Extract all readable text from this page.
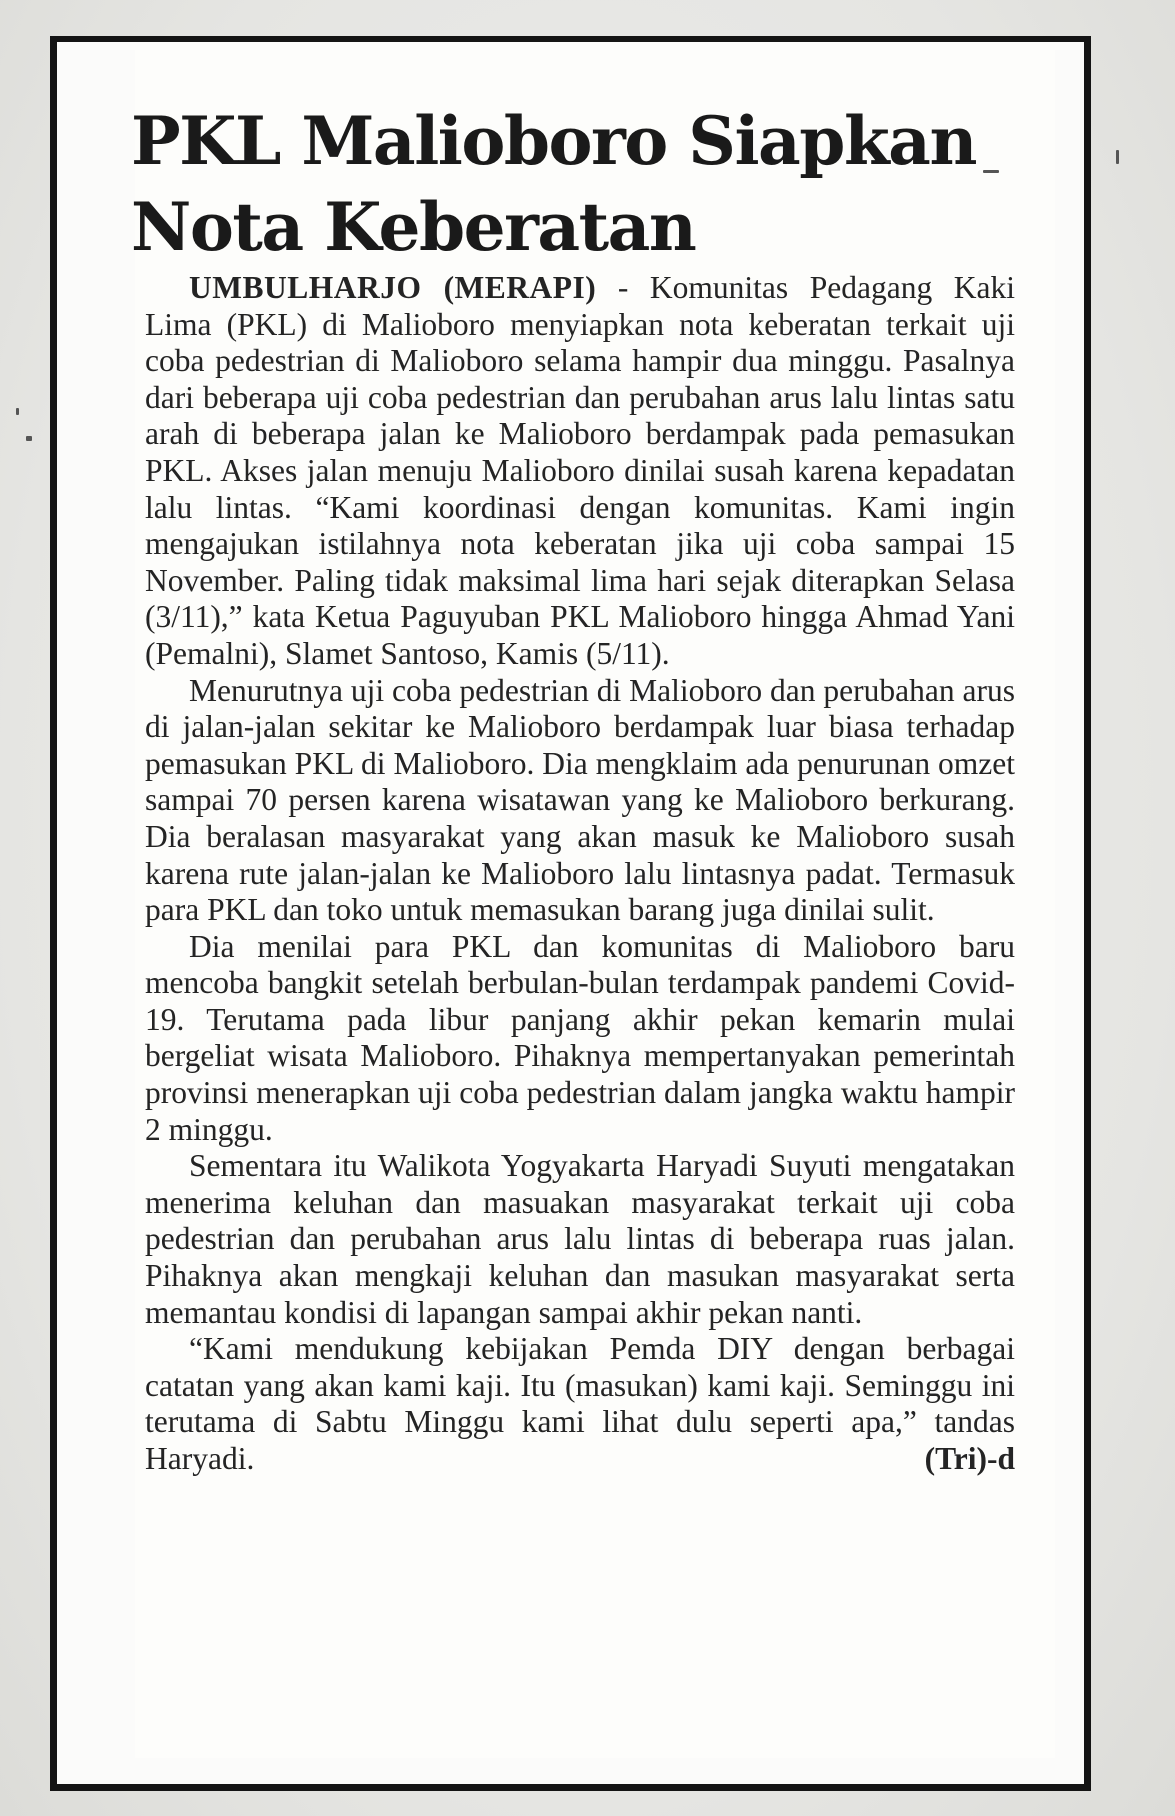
PKL Malioboro Siapkan
Nota Keberatan

UMBULHARJO (MERAPI) - Komunitas Pedagang Kaki Lima (PKL) di Malioboro menyiapkan nota keberatan terkait uji coba pedestrian di Malioboro selama hampir dua minggu. Pasalnya dari beberapa uji coba pedestrian dan perubahan arus lalu lintas satu arah di beberapa jalan ke Malioboro berdampak pada pemasukan PKL. Akses jalan menuju Malioboro dinilai susah karena kepadatan lalu lintas. “Kami koordinasi dengan komunitas. Kami ingin mengajukan istilahnya nota keberatan jika uji coba sampai 15 November. Paling tidak maksimal lima hari sejak diterapkan Selasa (3/11),” kata Ketua Paguyuban PKL Malioboro hingga Ahmad Yani (Pemalni), Slamet Santoso, Kamis (5/11).

Menurutnya uji coba pedestrian di Malioboro dan perubahan arus di jalan-jalan sekitar ke Malioboro berdampak luar biasa terhadap pemasukan PKL di Malioboro. Dia mengklaim ada penurunan omzet sampai 70 persen karena wisatawan yang ke Malioboro berkurang. Dia beralasan masyarakat yang akan masuk ke Malioboro susah karena rute jalan-jalan ke Malioboro lalu lintasnya padat. Termasuk para PKL dan toko untuk memasukan barang juga dinilai sulit.

Dia menilai para PKL dan komunitas di Malioboro baru mencoba bangkit setelah berbulan-bulan terdampak pandemi Covid-19. Terutama pada libur panjang akhir pekan kemarin mulai bergeliat wisata Malioboro. Pihaknya mempertanyakan pemerintah provinsi menerapkan uji coba pedestrian dalam jangka waktu hampir 2 minggu.

Sementara itu Walikota Yogyakarta Haryadi Suyuti mengatakan menerima keluhan dan masuakan masyarakat terkait uji coba pedestrian dan perubahan arus lalu lintas di beberapa ruas jalan. Pihaknya akan mengkaji keluhan dan masukan masyarakat serta memantau kondisi di lapangan sampai akhir pekan nanti.

“Kami mendukung kebijakan Pemda DIY dengan berbagai catatan yang akan kami kaji. Itu (masukan) kami kaji. Seminggu ini terutama di Sabtu Minggu kami lihat dulu seperti apa,” tandas Haryadi.	(Tri)-d
